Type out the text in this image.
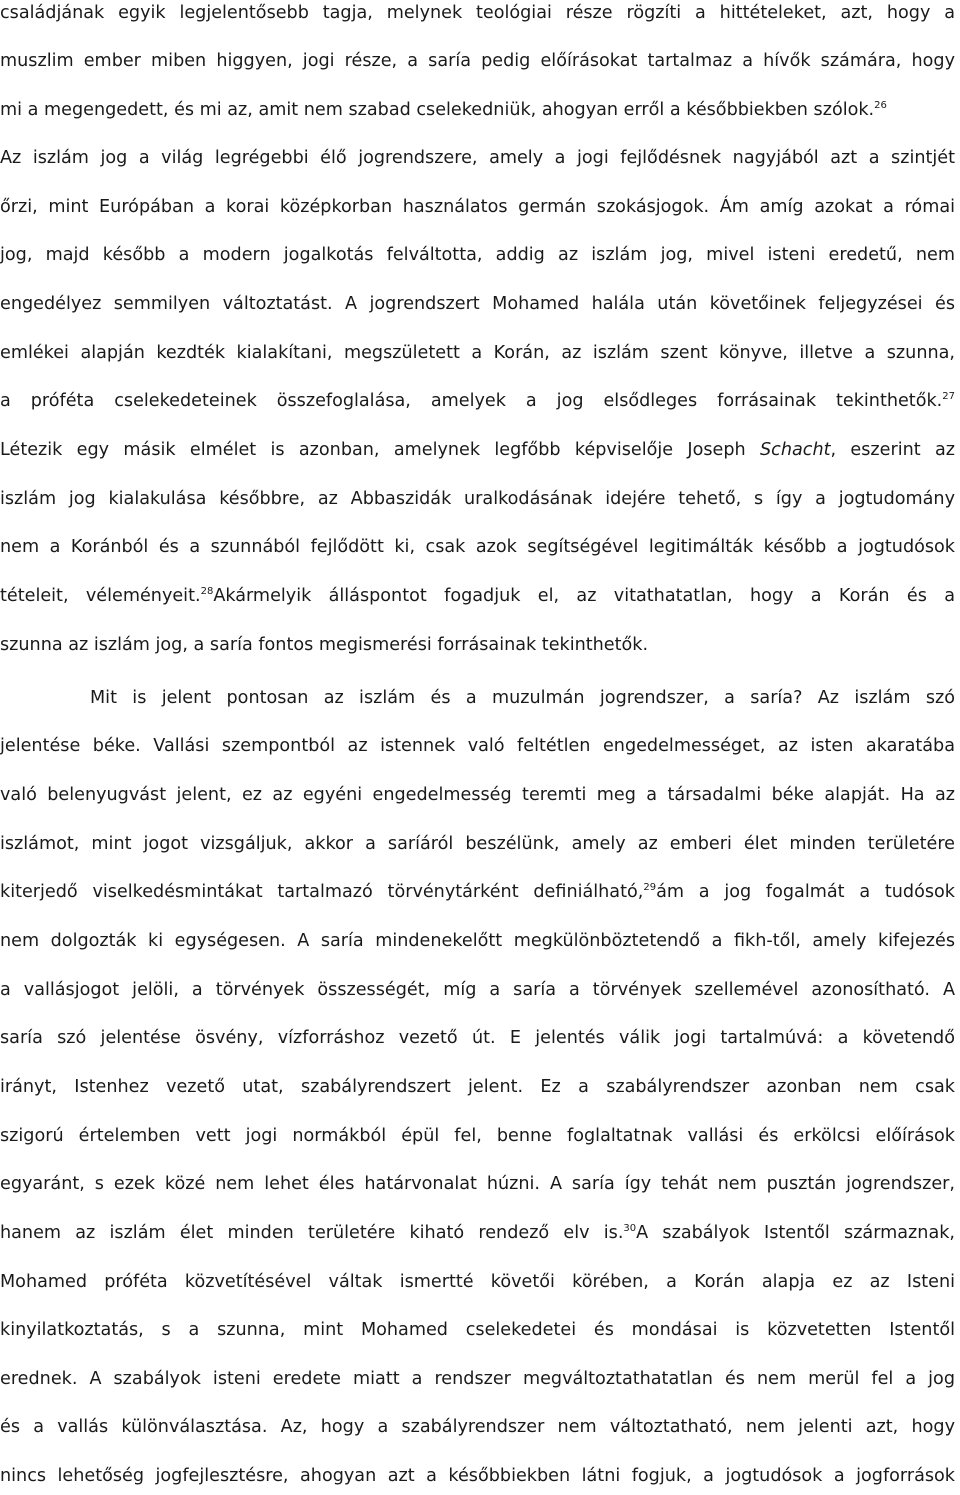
családjának egyik legjelentősebb tagja, melynek teológiai része rögzíti a hittételeket, azt, hogy a
muszlim ember miben higgyen, jogi része, a saría pedig előírásokat tartalmaz a hívők számára, hogy
mi a megengedett, és mi az, amit nem szabad cselekedniük, ahogyan erről a későbbiekben szólok.$^{26}$
Az iszlám jog a világ legrégebbi élő jogrendszere, amely a jogi fejlődésnek nagyjából azt a szintjét
őrzi, mint Európában a korai középkorban használatos germán szokásjogok. Ám amíg azokat a római
jog, majd később a modern jogalkotás felváltotta, addig az iszlám jog, mivel isteni eredetű, nem
engedélyez semmilyen változtatást. A jogrendszert Mohamed halála után követőinek feljegyzései és
emlékei alapján kezdték kialakítani, megszületett a Korán, az iszlám szent könyve, illetve a szunna,
a próféta cselekedeteinek összefoglalása, amelyek a jog elsődleges forrásainak tekinthetők.$^{27}$
Létezik egy másik elmélet is azonban, amelynek legfőbb képviselője Joseph Schacht, eszerint az
iszlám jog kialakulása későbbre, az Abbaszidák uralkodásának idejére tehető, s így a jogtudomány
nem a Koránból és a szunnából fejlődött ki, csak azok segítségével legitimálták később a jogtudósok
tételeit, véleményeit.$^{28}$Akármelyik álláspontot fogadjuk el, az vitathatatlan, hogy a Korán és a
szunna az iszlám jog, a saría fontos megismerési forrásainak tekinthetők.
Mit is jelent pontosan az iszlám és a muzulmán jogrendszer, a saría? Az iszlám szó
jelentése béke. Vallási szempontból az istennek való feltétlen engedelmességet, az isten akaratába
való belenyugvást jelent, ez az egyéni engedelmesség teremti meg a társadalmi béke alapját. Ha az
iszlámot, mint jogot vizsgáljuk, akkor a saríáról beszélünk, amely az emberi élet minden területére
kiterjedő viselkedésmintákat tartalmazó törvénytárként definiálható,$^{29}$ám a jog fogalmát a tudósok
nem dolgozták ki egységesen. A saría mindenekelőtt megkülönböztetendő a fikh-től, amely kifejezés
a vallásjogot jelöli, a törvények összességét, míg a saría a törvények szellemével azonosítható. A
saría szó jelentése ösvény, vízforráshoz vezető út. E jelentés válik jogi tartalmúvá: a követendő
irányt, Istenhez vezető utat, szabályrendszert jelent. Ez a szabályrendszer azonban nem csak
szigorú értelemben vett jogi normákból épül fel, benne foglaltatnak vallási és erkölcsi előírások
egyaránt, s ezek közé nem lehet éles határvonalat húzni. A saría így tehát nem pusztán jogrendszer,
hanem az iszlám élet minden területére kiható rendező elv is.$^{30}$A szabályok Istentől származnak,
Mohamed próféta közvetítésével váltak ismertté követői körében, a Korán alapja ez az Isteni
kinyilatkoztatás, s a szunna, mint Mohamed cselekedetei és mondásai is közvetetten Istentől
erednek. A szabályok isteni eredete miatt a rendszer megváltoztathatatlan és nem merül fel a jog
és a vallás különválasztása. Az, hogy a szabályrendszer nem változtatható, nem jelenti azt, hogy
nincs lehetőség jogfejlesztésre, ahogyan azt a későbbiekben látni fogjuk, a jogtudósok a jogforrások
